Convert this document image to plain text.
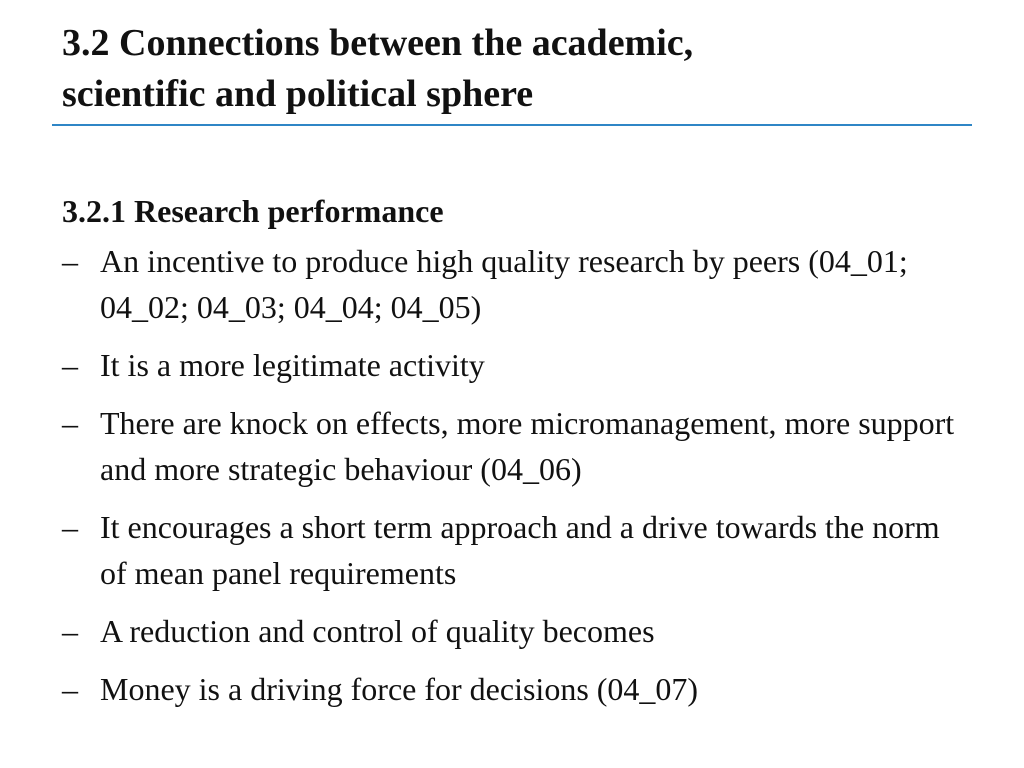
3.2 Connections between the academic,
scientific and political sphere
3.2.1 Research performance
– An incentive to produce high quality research by peers (04_01; 04_02; 04_03; 04_04; 04_05)
– It is a more legitimate activity
– There are knock on effects, more micromanagement, more support and more strategic behaviour (04_06)
– It encourages a short term approach and a drive towards the norm of mean panel requirements
– A reduction and control of quality becomes
– Money is a driving force for decisions (04_07)
